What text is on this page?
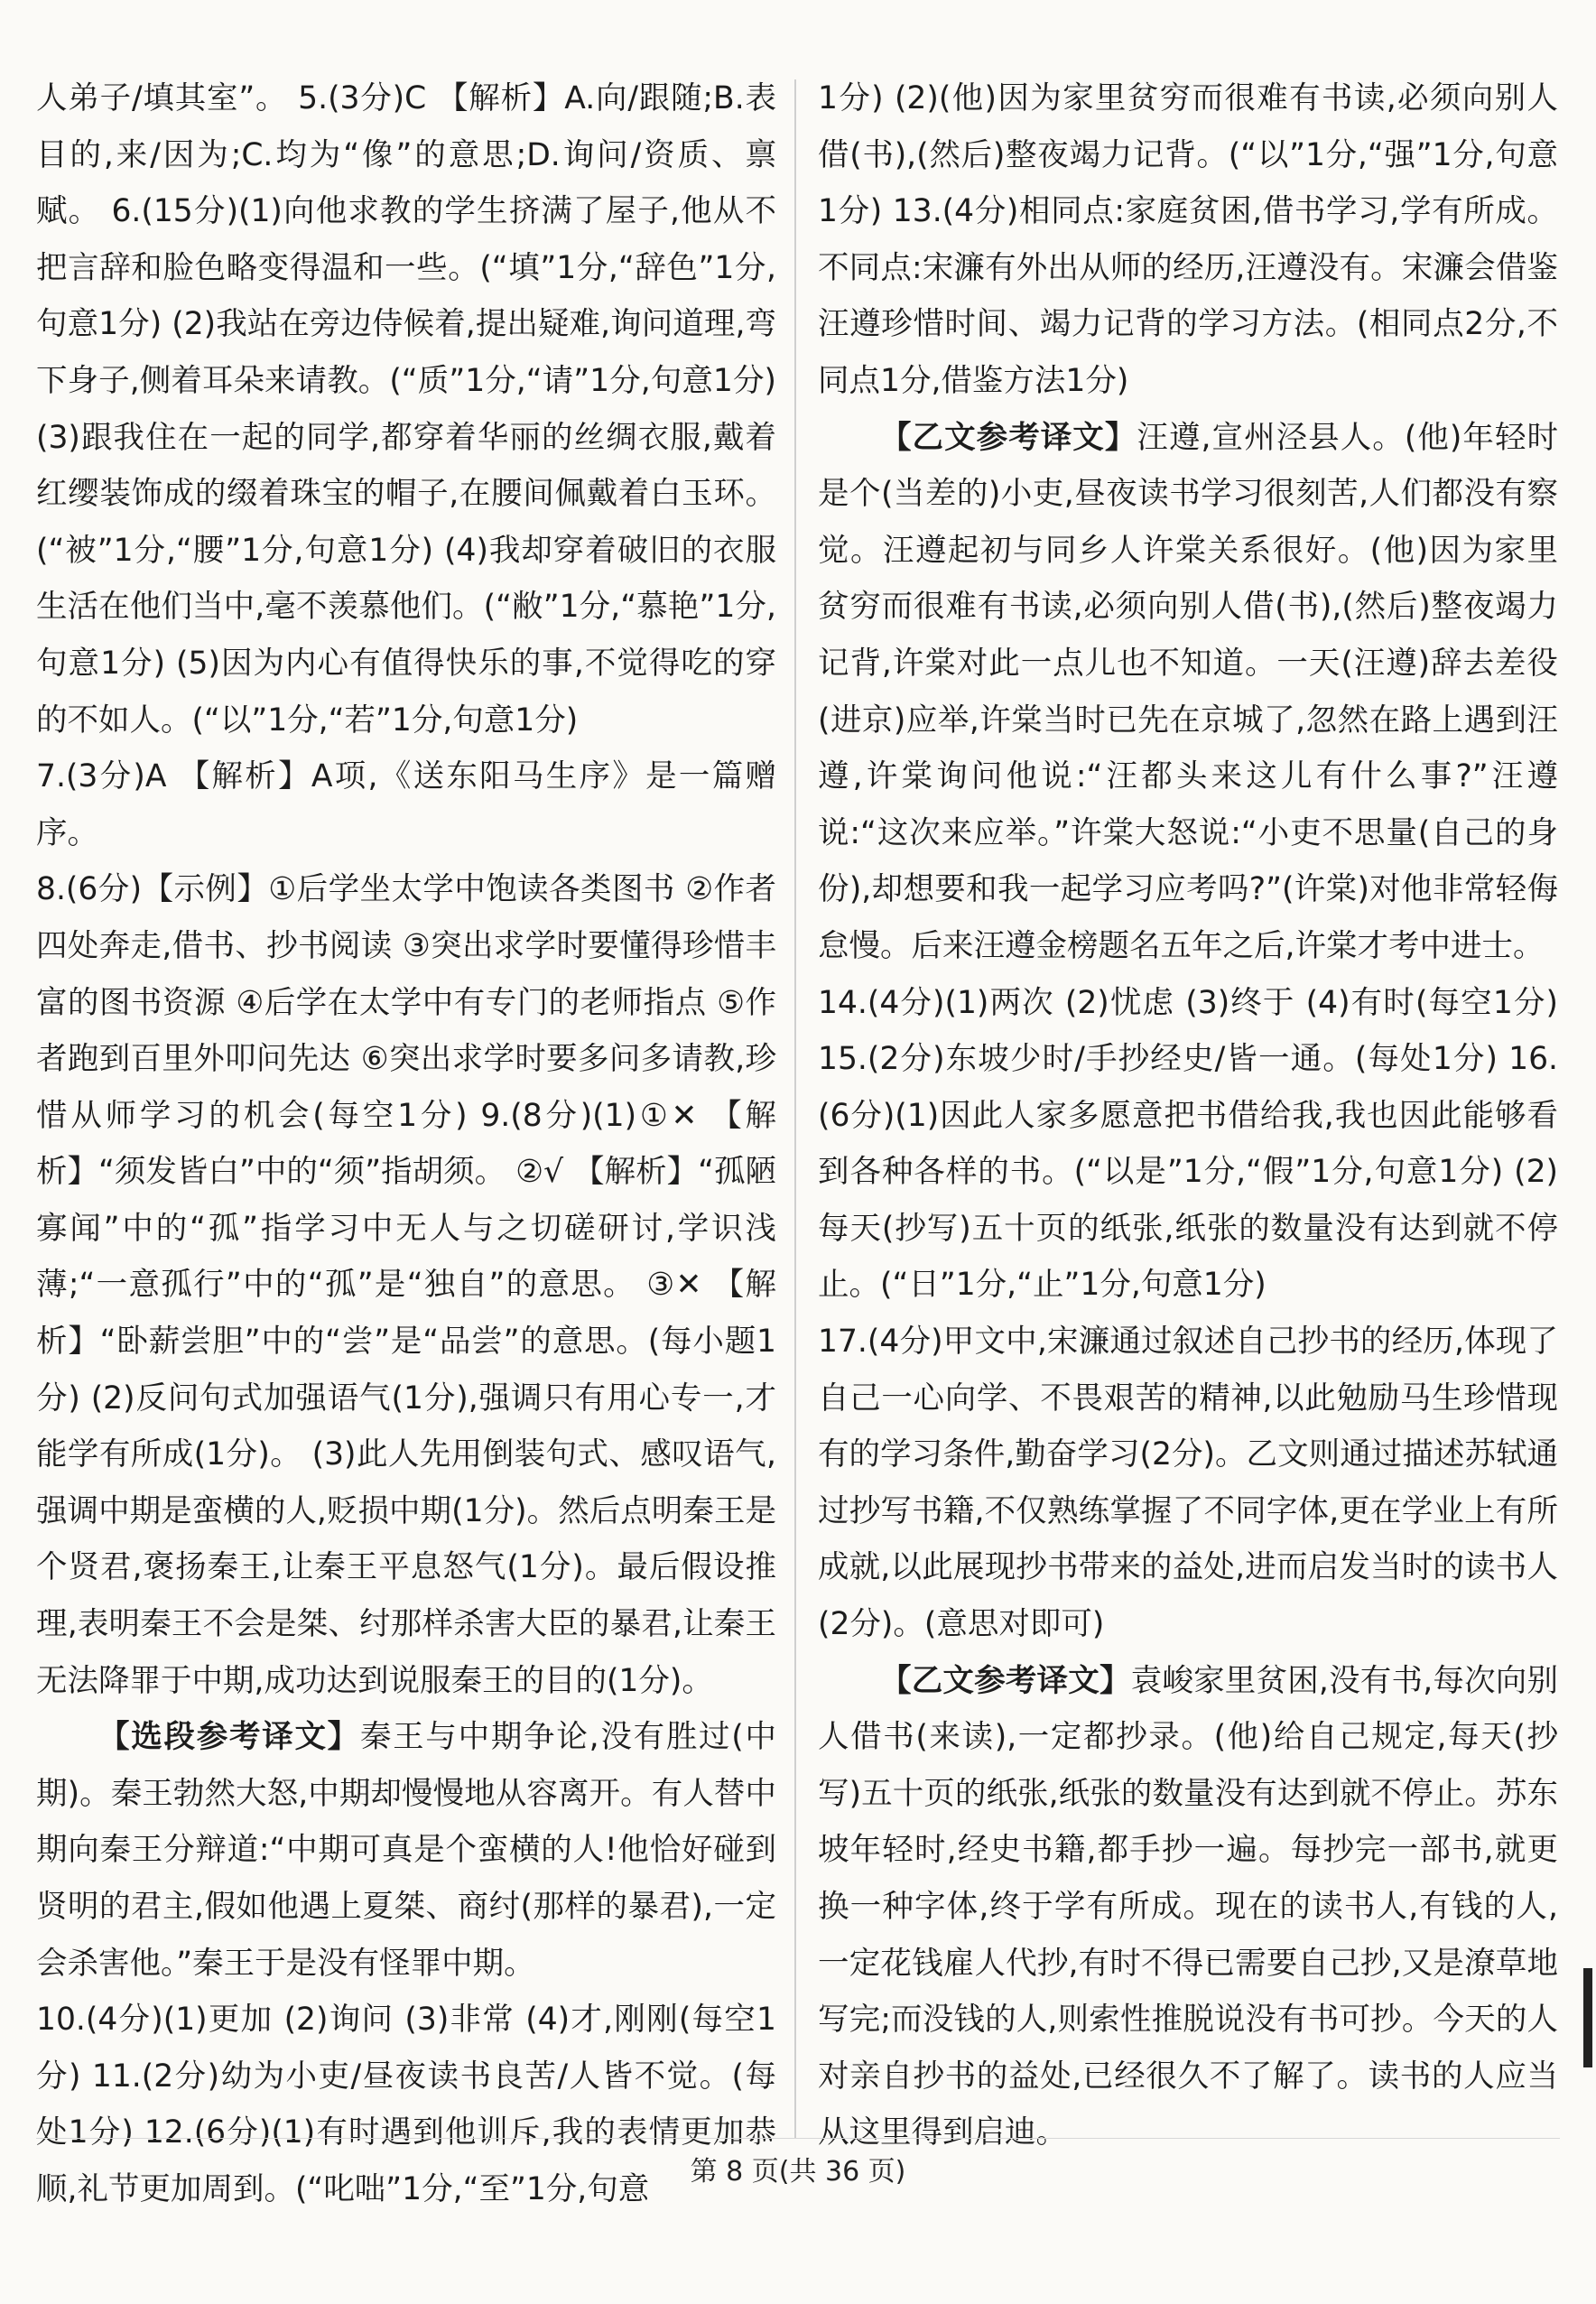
人弟子/填其室”。 5.(3分)C 【解析】A.向/跟随;B.表目的,来/因为;C.均为“像”的意思;D.询问/资质、禀赋。 6.(15分)(1)向他求教的学生挤满了屋子,他从不把言辞和脸色略变得温和一些。(“填”1分,“辞色”1分,句意1分) (2)我站在旁边侍候着,提出疑难,询问道理,弯下身子,侧着耳朵来请教。(“质”1分,“请”1分,句意1分) (3)跟我住在一起的同学,都穿着华丽的丝绸衣服,戴着红缨装饰成的缀着珠宝的帽子,在腰间佩戴着白玉环。(“被”1分,“腰”1分,句意1分) (4)我却穿着破旧的衣服生活在他们当中,毫不羡慕他们。(“敝”1分,“慕艳”1分,句意1分) (5)因为内心有值得快乐的事,不觉得吃的穿的不如人。(“以”1分,“若”1分,句意1分)

7.(3分)A 【解析】A项,《送东阳马生序》是一篇赠序。

8.(6分)【示例】①后学坐太学中饱读各类图书 ②作者四处奔走,借书、抄书阅读 ③突出求学时要懂得珍惜丰富的图书资源 ④后学在太学中有专门的老师指点 ⑤作者跑到百里外叩问先达 ⑥突出求学时要多问多请教,珍惜从师学习的机会(每空1分) 9.(8分)(1)①✕ 【解析】“须发皆白”中的“须”指胡须。 ②√ 【解析】“孤陋寡闻”中的“孤”指学习中无人与之切磋研讨,学识浅薄;“一意孤行”中的“孤”是“独自”的意思。 ③✕ 【解析】“卧薪尝胆”中的“尝”是“品尝”的意思。(每小题1分) (2)反问句式加强语气(1分),强调只有用心专一,才能学有所成(1分)。 (3)此人先用倒装句式、感叹语气,强调中期是蛮横的人,贬损中期(1分)。然后点明秦王是个贤君,褒扬秦王,让秦王平息怒气(1分)。最后假设推理,表明秦王不会是桀、纣那样杀害大臣的暴君,让秦王无法降罪于中期,成功达到说服秦王的目的(1分)。

【选段参考译文】秦王与中期争论,没有胜过(中期)。秦王勃然大怒,中期却慢慢地从容离开。有人替中期向秦王分辩道:“中期可真是个蛮横的人!他恰好碰到贤明的君主,假如他遇上夏桀、商纣(那样的暴君),一定会杀害他。”秦王于是没有怪罪中期。

10.(4分)(1)更加 (2)询问 (3)非常 (4)才,刚刚(每空1分) 11.(2分)幼为小吏/昼夜读书良苦/人皆不觉。(每处1分) 12.(6分)(1)有时遇到他训斥,我的表情更加恭顺,礼节更加周到。(“叱咄”1分,“至”1分,句意

1分) (2)(他)因为家里贫穷而很难有书读,必须向别人借(书),(然后)整夜竭力记背。(“以”1分,“强”1分,句意1分) 13.(4分)相同点:家庭贫困,借书学习,学有所成。不同点:宋濂有外出从师的经历,汪遵没有。宋濂会借鉴汪遵珍惜时间、竭力记背的学习方法。(相同点2分,不同点1分,借鉴方法1分)

【乙文参考译文】汪遵,宣州泾县人。(他)年轻时是个(当差的)小吏,昼夜读书学习很刻苦,人们都没有察觉。汪遵起初与同乡人许棠关系很好。(他)因为家里贫穷而很难有书读,必须向别人借(书),(然后)整夜竭力记背,许棠对此一点儿也不知道。一天(汪遵)辞去差役(进京)应举,许棠当时已先在京城了,忽然在路上遇到汪遵,许棠询问他说:“汪都头来这儿有什么事?”汪遵说:“这次来应举。”许棠大怒说:“小吏不思量(自己的身份),却想要和我一起学习应考吗?”(许棠)对他非常轻侮怠慢。后来汪遵金榜题名五年之后,许棠才考中进士。

14.(4分)(1)两次 (2)忧虑 (3)终于 (4)有时(每空1分) 15.(2分)东坡少时/手抄经史/皆一通。(每处1分) 16.(6分)(1)因此人家多愿意把书借给我,我也因此能够看到各种各样的书。(“以是”1分,“假”1分,句意1分) (2)每天(抄写)五十页的纸张,纸张的数量没有达到就不停止。(“日”1分,“止”1分,句意1分)

17.(4分)甲文中,宋濂通过叙述自己抄书的经历,体现了自己一心向学、不畏艰苦的精神,以此勉励马生珍惜现有的学习条件,勤奋学习(2分)。乙文则通过描述苏轼通过抄写书籍,不仅熟练掌握了不同字体,更在学业上有所成就,以此展现抄书带来的益处,进而启发当时的读书人(2分)。(意思对即可)

【乙文参考译文】袁峻家里贫困,没有书,每次向别人借书(来读),一定都抄录。(他)给自己规定,每天(抄写)五十页的纸张,纸张的数量没有达到就不停止。苏东坡年轻时,经史书籍,都手抄一遍。每抄完一部书,就更换一种字体,终于学有所成。现在的读书人,有钱的人,一定花钱雇人代抄,有时不得已需要自己抄,又是潦草地写完;而没钱的人,则索性推脱说没有书可抄。今天的人对亲自抄书的益处,已经很久不了解了。读书的人应当从这里得到启迪。

第 8 页(共 36 页)
